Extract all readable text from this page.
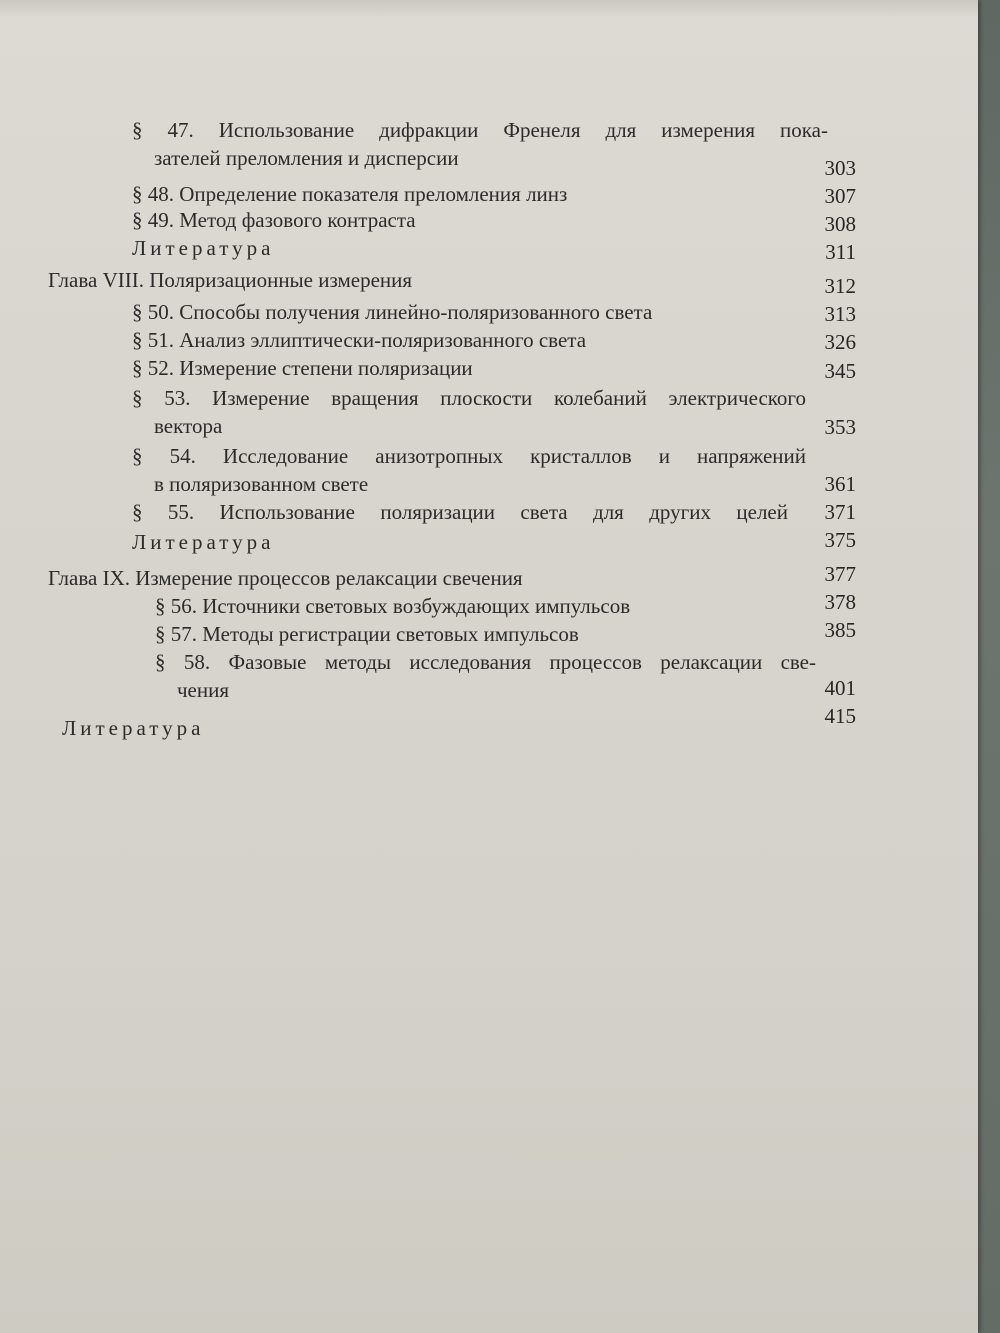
§ 47. Использование дифракции Френеля для измерения пока-
зателей преломления и дисперсии	303
§ 48. Определение показателя преломления линз	307
§ 49. Метод фазового контраста	308
Литература	311
Глава VIII. Поляризационные измерения	312
§ 50. Способы получения линейно-поляризованного света	313
§ 51. Анализ эллиптически-поляризованного света	326
§ 52. Измерение степени поляризации	345
§ 53. Измерение вращения плоскости колебаний электрического
вектора	353
§ 54. Исследование анизотропных кристаллов и напряжений
в поляризованном свете	361
§ 55. Использование поляризации света для других целей	371
Литература	375
Глава IX. Измерение процессов релаксации свечения	377
§ 56. Источники световых возбуждающих импульсов	378
§ 57. Методы регистрации световых импульсов	385
§ 58. Фазовые методы исследования процессов релаксации све-
чения	401
Литература	415
